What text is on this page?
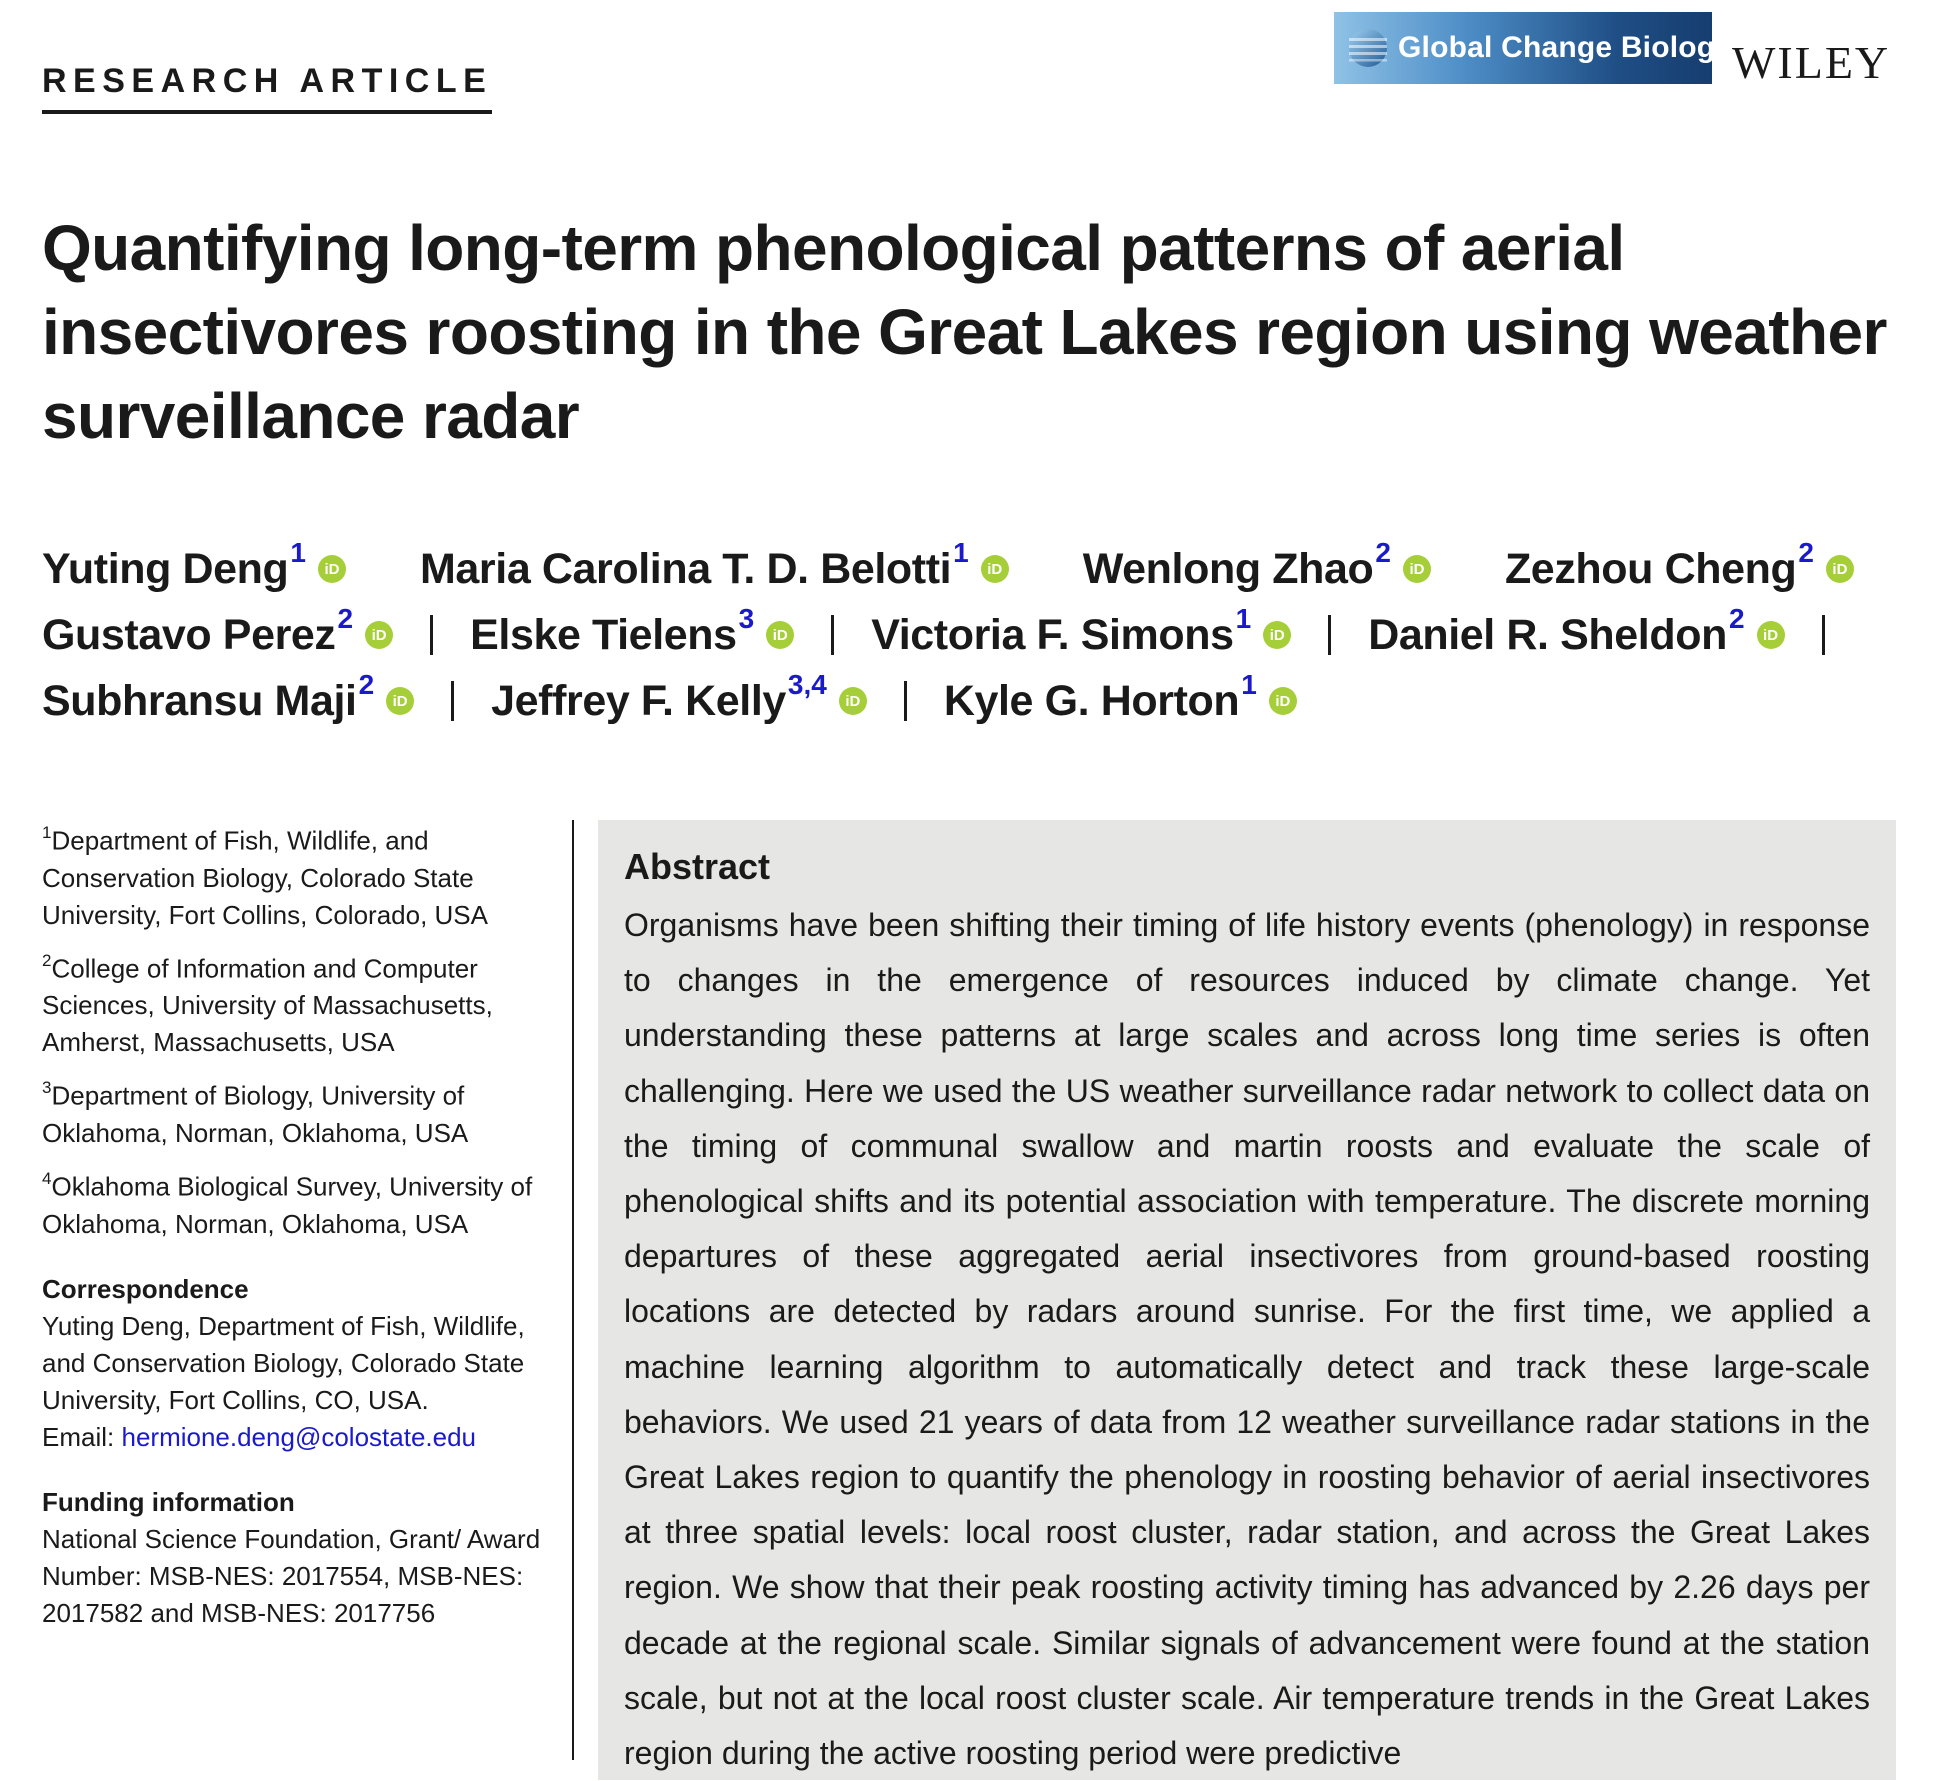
RESEARCH ARTICLE
Global Change Biology WILEY
Quantifying long-term phenological patterns of aerial insectivores roosting in the Great Lakes region using weather surveillance radar
Yuting Deng$^1$
iD Maria Carolina T. D. Belotti$^1$
iD Wenlong Zhao$^2$
iD Zezhou Cheng$^2$
iD
Gustavo Perez$^2$
iD Elske Tielens$^3$
iD Victoria F. Simons$^1$
iD Daniel R. Sheldon$^2$
iD
Subhransu Maji$^2$
iD Jeffrey F. Kelly$^{3,4}$
iD Kyle G. Horton$^1$
iD

$^1$Department of Fish, Wildlife, and Conservation Biology, Colorado State University, Fort Collins, Colorado, USA

$^2$College of Information and Computer Sciences, University of Massachusetts, Amherst, Massachusetts, USA

$^3$Department of Biology, University of Oklahoma, Norman, Oklahoma, USA

$^4$Oklahoma Biological Survey, University of Oklahoma, Norman, Oklahoma, USA

Correspondence
Yuting Deng, Department of Fish, Wildlife, and Conservation Biology, Colorado State University, Fort Collins, CO, USA.
Email: hermione.deng@colostate.edu
Funding information
National Science Foundation, Grant/ Award Number: MSB-NES: 2017554, MSB-NES: 2017582 and MSB-NES: 2017756
Abstract

Organisms have been shifting their timing of life history events (phenology) in response to changes in the emergence of resources induced by climate change. Yet understanding these patterns at large scales and across long time series is often challenging. Here we used the US weather surveillance radar network to collect data on the timing of communal swallow and martin roosts and evaluate the scale of phenological shifts and its potential association with temperature. The discrete morning departures of these aggregated aerial insectivores from ground-based roosting locations are detected by radars around sunrise. For the first time, we applied a machine learning algorithm to automatically detect and track these large-scale behaviors. We used 21 years of data from 12 weather surveillance radar stations in the Great Lakes region to quantify the phenology in roosting behavior of aerial insectivores at three spatial levels: local roost cluster, radar station, and across the Great Lakes region. We show that their peak roosting activity timing has advanced by 2.26 days per decade at the regional scale. Similar signals of advancement were found at the station scale, but not at the local roost cluster scale. Air temperature trends in the Great Lakes region during the active roosting period were predictive
